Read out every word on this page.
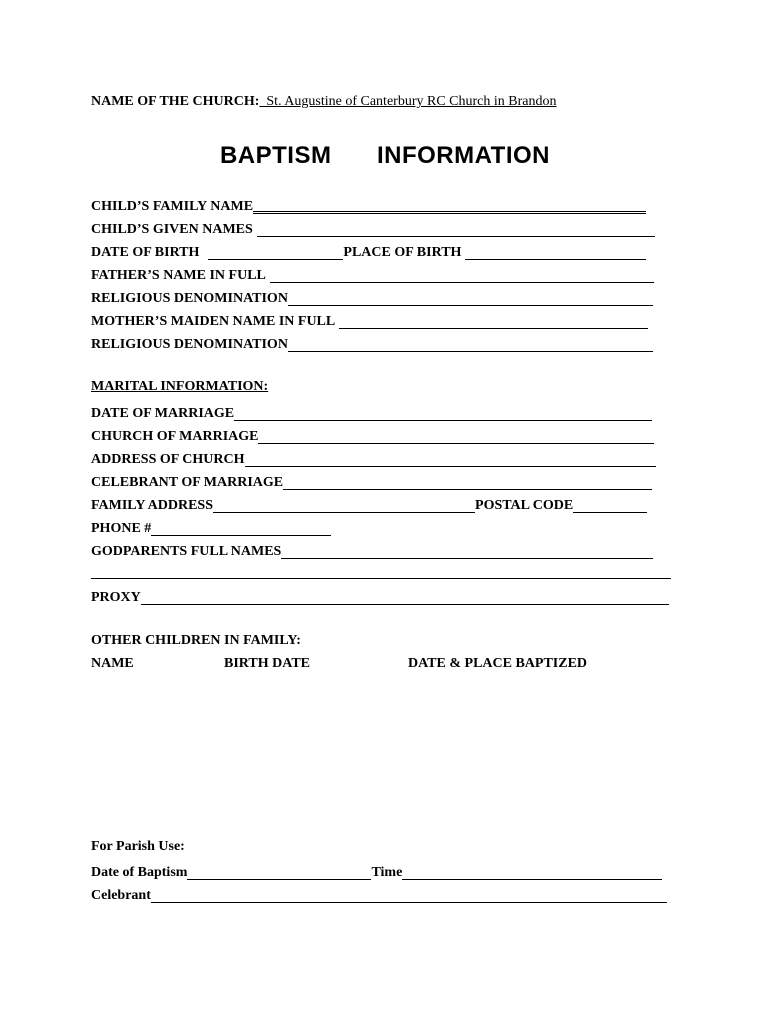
NAME OF THE CHURCH:  St. Augustine of Canterbury RC Church in Brandon
BAPTISM   INFORMATION
CHILD’S FAMILY NAME
CHILD’S GIVEN NAMES
DATE OF BIRTH	PLACE OF BIRTH
FATHER’S NAME IN FULL
RELIGIOUS DENOMINATION
MOTHER’S MAIDEN NAME IN FULL
RELIGIOUS DENOMINATION
MARITAL INFORMATION:
DATE OF MARRIAGE
CHURCH OF MARRIAGE
ADDRESS OF CHURCH
CELEBRANT OF MARRIAGE
FAMILY ADDRESS	POSTAL CODE
PHONE #
GODPARENTS FULL NAMES
PROXY
OTHER CHILDREN IN FAMILY:
NAME	BIRTH DATE	DATE & PLACE BAPTIZED
For Parish Use:
Date of Baptism	Time
Celebrant
